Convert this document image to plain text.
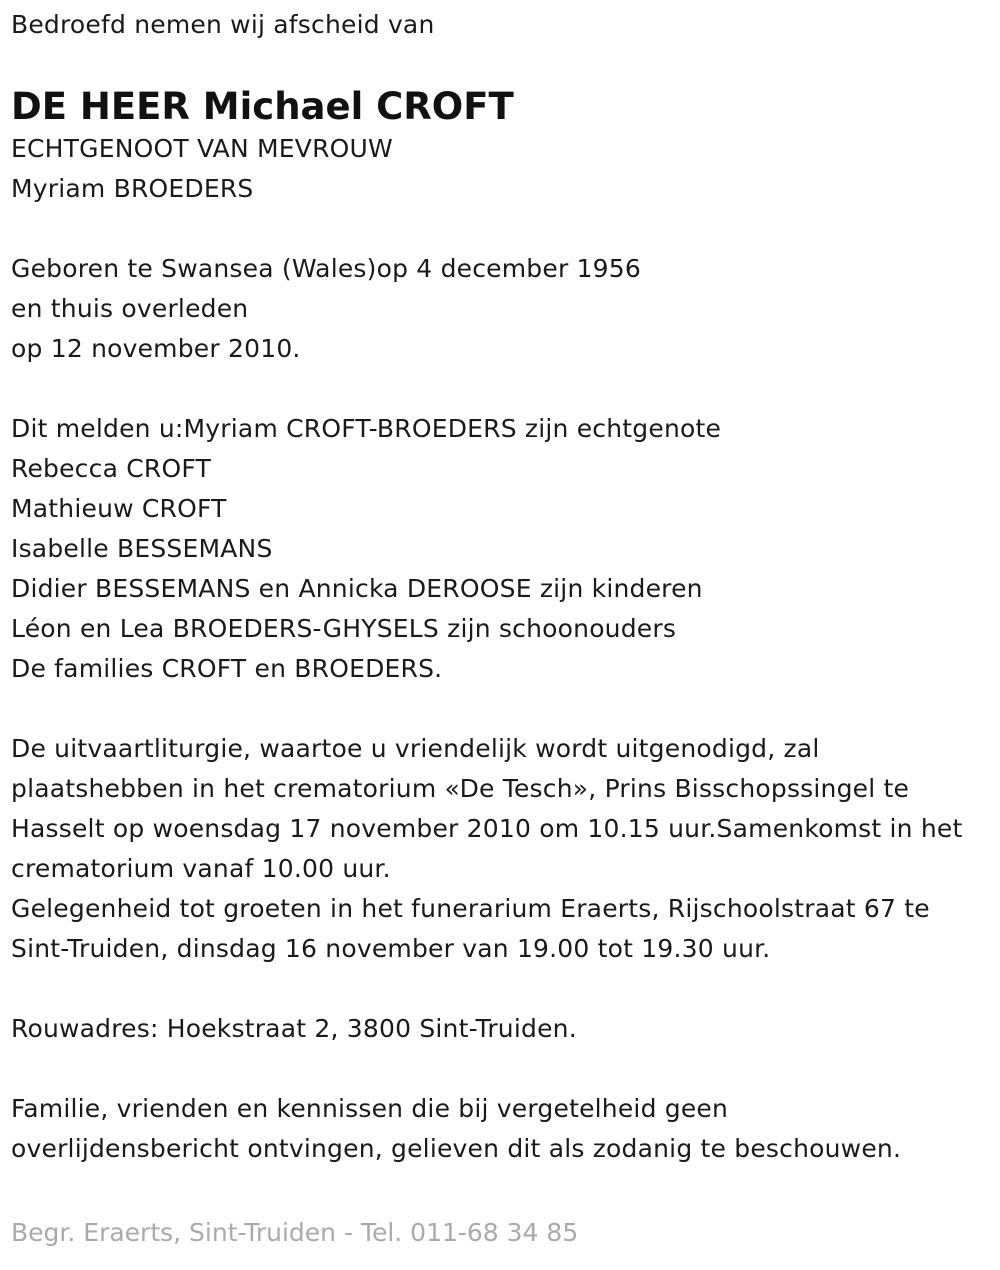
Bedroefd nemen wij afscheid van
DE HEER Michael CROFT
ECHTGENOOT VAN MEVROUW
Myriam BROEDERS
Geboren te Swansea (Wales)op 4 december 1956
en thuis overleden
op 12 november 2010.
Dit melden u:Myriam CROFT-BROEDERS zijn echtgenote
Rebecca CROFT
Mathieuw CROFT
Isabelle BESSEMANS
Didier BESSEMANS en Annicka DEROOSE zijn kinderen
Léon en Lea BROEDERS-GHYSELS zijn schoonouders
De families CROFT en BROEDERS.
De uitvaartliturgie, waartoe u vriendelijk wordt uitgenodigd, zal
plaatshebben in het crematorium «De Tesch», Prins Bisschopssingel te
Hasselt op woensdag 17 november 2010 om 10.15 uur.Samenkomst in het
crematorium vanaf 10.00 uur.
Gelegenheid tot groeten in het funerarium Eraerts, Rijschoolstraat 67 te
Sint-Truiden, dinsdag 16 november van 19.00 tot 19.30 uur.
Rouwadres: Hoekstraat 2, 3800 Sint-Truiden.
Familie, vrienden en kennissen die bij vergetelheid geen
overlijdensbericht ontvingen, gelieven dit als zodanig te beschouwen.
Begr. Eraerts, Sint-Truiden - Tel. 011-68 34 85
